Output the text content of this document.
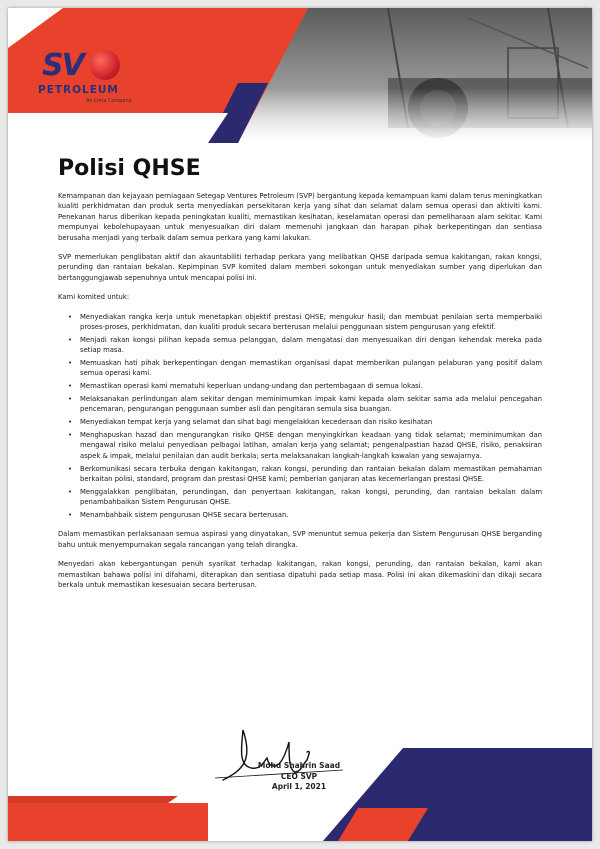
SV
PETROLEUM
An Lima Company
Polisi QHSE

Kemampanan dan kejayaan perniagaan Setegap Ventures Petroleum (SVP) bergantung kepada kemampuan kami dalam terus meningkatkan kualiti perkhidmatan dan produk serta menyediakan persekitaran kerja yang sihat dan selamat dalam semua operasi dan aktiviti kami. Penekanan harus diberikan kepada peningkatan kualiti, memastikan kesihatan, keselamatan operasi dan pemeliharaan alam sekitar. Kami mempunyai kebolehupayaan untuk menyesuaikan diri dalam memenuhi jangkaan dan harapan pihak berkepentingan dan sentiasa berusaha menjadi yang terbaik dalam semua perkara yang kami lakukan.

SVP memerlukan penglibatan aktif dan akauntabiliti terhadap perkara yang melibatkan QHSE daripada semua kakitangan, rakan kongsi, perunding dan rantaian bekalan. Kepimpinan SVP komited dalam memberi sokongan untuk menyediakan sumber yang diperlukan dan bertanggungjawab sepenuhnya untuk mencapai polisi ini.

Kami komited untuk:

• Menyediakan rangka kerja untuk menetapkan objektif prestasi QHSE; mengukur hasil; dan membuat penilaian serta memperbaiki proses-proses, perkhidmatan, dan kualiti produk secara berterusan melalui penggunaan sistem pengurusan yang efektif.
• Menjadi rakan kongsi pilihan kepada semua pelanggan, dalam mengatasi dan menyesuaikan diri dengan kehendak mereka pada setiap masa.
• Memuaskan hati pihak berkepentingan dengan memastikan organisasi dapat memberikan pulangan pelaburan yang positif dalam semua operasi kami.
• Memastikan operasi kami mematuhi keperluan undang-undang dan pertembagaan di semua lokasi.
• Melaksanakan perlindungan alam sekitar dengan meminimumkan impak kami kepada alam sekitar sama ada melalui pencegahan pencemaran, pengurangan penggunaan sumber asli dan pengitaran semula sisa buangan.
• Menyediakan tempat kerja yang selamat dan sihat bagi mengelakkan kecederaan dan risiko kesihatan
• Menghapuskan hazad dan mengurangkan risiko QHSE dengan menyingkirkan keadaan yang tidak selamat; meminimumkan dan mengawal risiko melalui penyediaan pelbagai latihan, amalan kerja yang selamat; pengenalpastian hazad QHSE, risiko, penaksiran aspek & impak, melalui penilaian dan audit berkala; serta melaksanakan langkah-langkah kawalan yang sewajarnya.
• Berkomunikasi secara terbuka dengan kakitangan, rakan kongsi, perunding dan rantaian bekalan dalam memastikan pemahaman berkaitan polisi, standard, program dan prestasi QHSE kami; pemberian ganjaran atas kecemerlangan prestasi QHSE.
• Menggalakkan penglibatan, perundingan, dan penyertaan kakitangan, rakan kongsi, perunding, dan rantaian bekalan dalam penambahbaikan Sistem Pengurusan QHSE.
• Menambahbaik sistem pengurusan QHSE secara berterusan.

Dalam memastikan perlaksanaan semua aspirasi yang dinyatakan, SVP menuntut semua pekerja dan Sistem Pengurusan QHSE berganding bahu untuk menyempurnakan segala rancangan yang telah dirangka.

Menyedari akan kebergantungan penuh syarikat terhadap kakitangan, rakan kongsi, perunding, dan rantaian bekalan, kami akan memastikan bahawa polisi ini difahami, diterapkan dan sentiasa dipatuhi pada setiap masa. Polisi ini akan dikemaskini dan dikaji secara berkala untuk memastikan kesesuaian secara berterusan.

Mohd Shahrin Saad
CEO SVP
April 1, 2021
